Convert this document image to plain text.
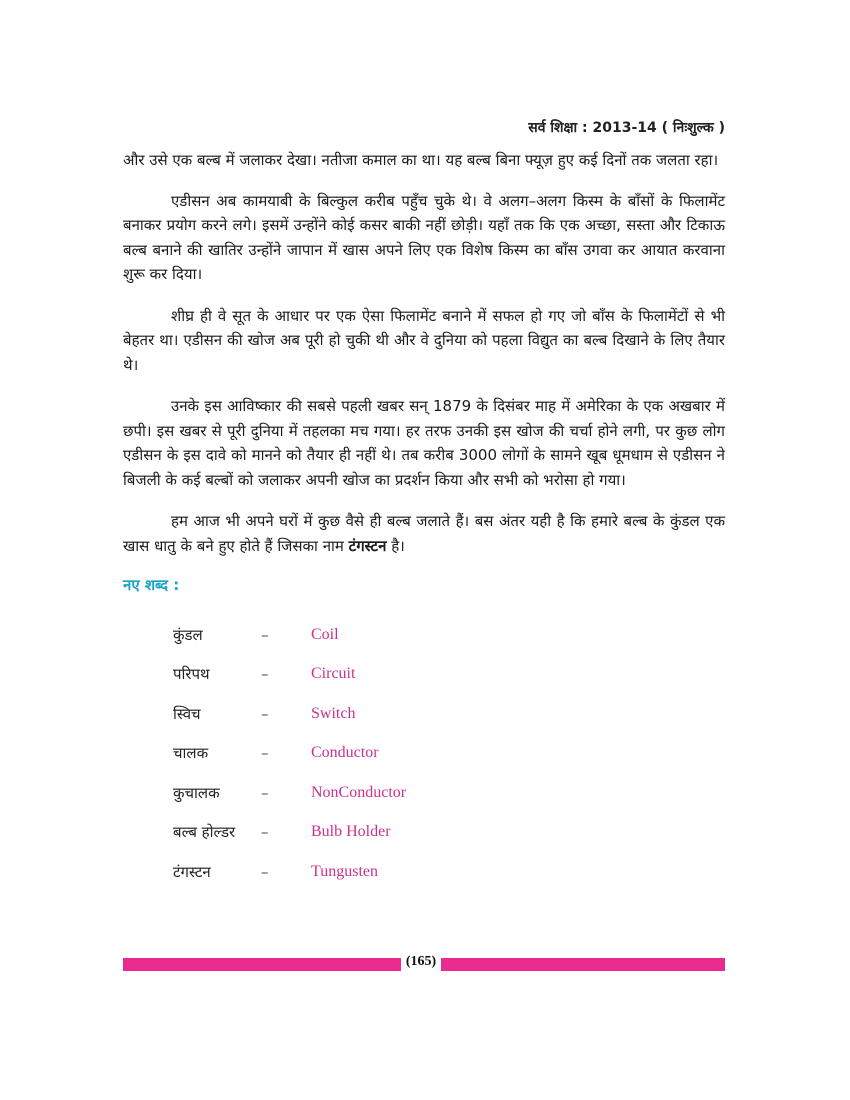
सर्व शिक्षा : 2013-14 ( निःशुल्क )

और उसे एक बल्ब में जलाकर देखा। नतीजा कमाल का था। यह बल्ब बिना फ्यूज़ हुए कई दिनों तक जलता रहा।

एडीसन अब कामयाबी के बिल्कुल करीब पहुँच चुके थे। वे अलग–अलग किस्म के बाँसों के फिलामेंट बनाकर प्रयोग करने लगे। इसमें उन्होंने कोई कसर बाकी नहीं छोड़ी। यहाँ तक कि एक अच्छा, सस्ता और टिकाऊ बल्ब बनाने की खातिर उन्होंने जापान में खास अपने लिए एक विशेष किस्म का बाँस उगवा कर आयात करवाना शुरू कर दिया।

शीघ्र ही वे सूत के आधार पर एक ऐसा फिलामेंट बनाने में सफल हो गए जो बाँस के फिलामेंटों से भी बेहतर था। एडीसन की खोज अब पूरी हो चुकी थी और वे दुनिया को पहला विद्युत का बल्ब दिखाने के लिए तैयार थे।

उनके इस आविष्कार की सबसे पहली खबर सन् 1879 के दिसंबर माह में अमेरिका के एक अखबार में छपी। इस खबर से पूरी दुनिया में तहलका मच गया। हर तरफ उनकी इस खोज की चर्चा होने लगी, पर कुछ लोग एडीसन के इस दावे को मानने को तैयार ही नहीं थे। तब करीब 3000 लोगों के सामने खूब धूमधाम से एडीसन ने बिजली के कई बल्बों को जलाकर अपनी खोज का प्रदर्शन किया और सभी को भरोसा हो गया।

हम आज भी अपने घरों में कुछ वैसे ही बल्ब जलाते हैं। बस अंतर यही है कि हमारे बल्ब के कुंडल एक खास धातु के बने हुए होते हैं जिसका नाम टंगस्टन है।

नए शब्द :
कुंडल	–	Coil
परिपथ	–	Circuit
स्विच	–	Switch
चालक	–	Conductor
कुचालक	–	NonConductor
बल्ब होल्डर	–	Bulb Holder
टंगस्टन	–	Tungusten
(165)
